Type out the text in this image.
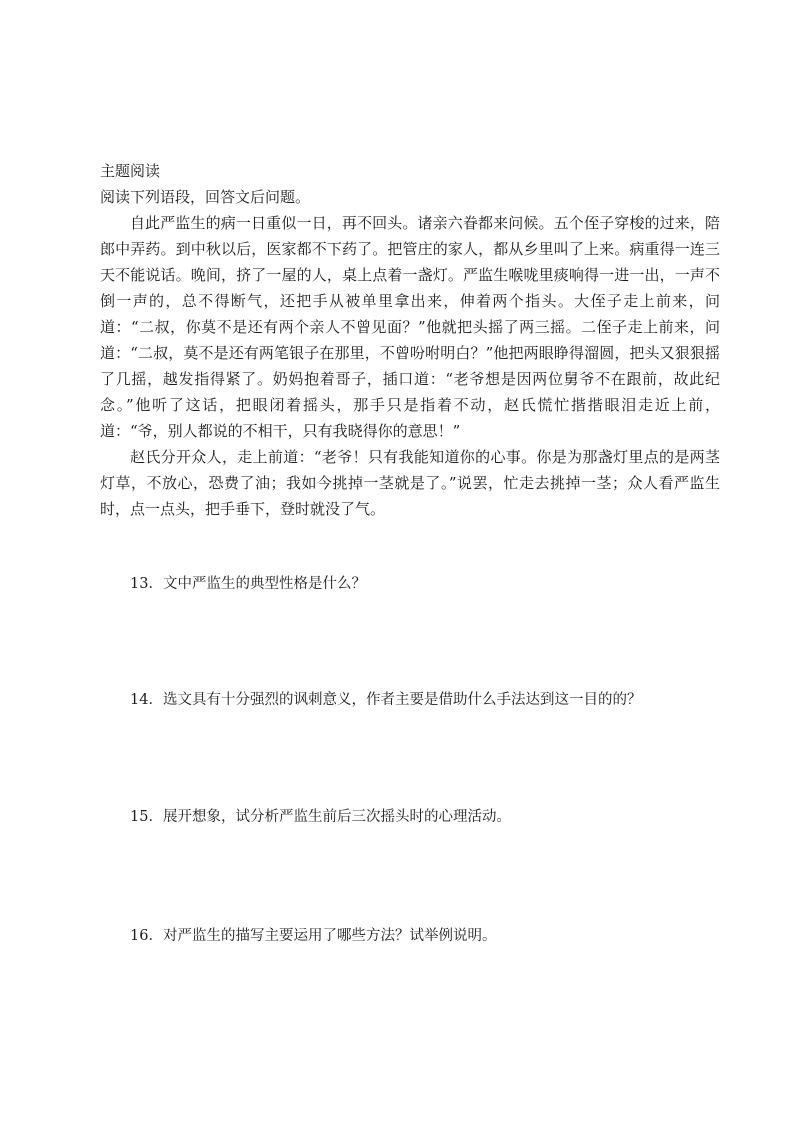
主题阅读

阅读下列语段，回答文后问题。

自此严监生的病一日重似一日，再不回头。诸亲六眷都来问候。五个侄子穿梭的过来，陪郎中弄药。到中秋以后，医家都不下药了。把管庄的家人，都从乡里叫了上来。病重得一连三天不能说话。晚间，挤了一屋的人，桌上点着一盏灯。严监生喉咙里痰响得一进一出，一声不倒一声的，总不得断气，还把手从被单里拿出来，伸着两个指头。大侄子走上前来，问道：“二叔，你莫不是还有两个亲人不曾见面？”他就把头摇了两三摇。二侄子走上前来，问道：“二叔，莫不是还有两笔银子在那里，不曾吩咐明白？”他把两眼睁得溜圆，把头又狠狠摇了几摇，越发指得紧了。奶妈抱着哥子，插口道：“老爷想是因两位舅爷不在跟前，故此纪念。”他听了这话，把眼闭着摇头，那手只是指着不动，赵氏慌忙揩揩眼泪走近上前，道：“爷，别人都说的不相干，只有我晓得你的意思！”

赵氏分开众人，走上前道：“老爷！只有我能知道你的心事。你是为那盏灯里点的是两茎灯草，不放心，恐费了油；我如今挑掉一茎就是了。”说罢，忙走去挑掉一茎；众人看严监生时，点一点头，把手垂下，登时就没了气。

13．文中严监生的典型性格是什么？

14．选文具有十分强烈的讽刺意义，作者主要是借助什么手法达到这一目的的？

15．展开想象，试分析严监生前后三次摇头时的心理活动。

16．对严监生的描写主要运用了哪些方法？试举例说明。
